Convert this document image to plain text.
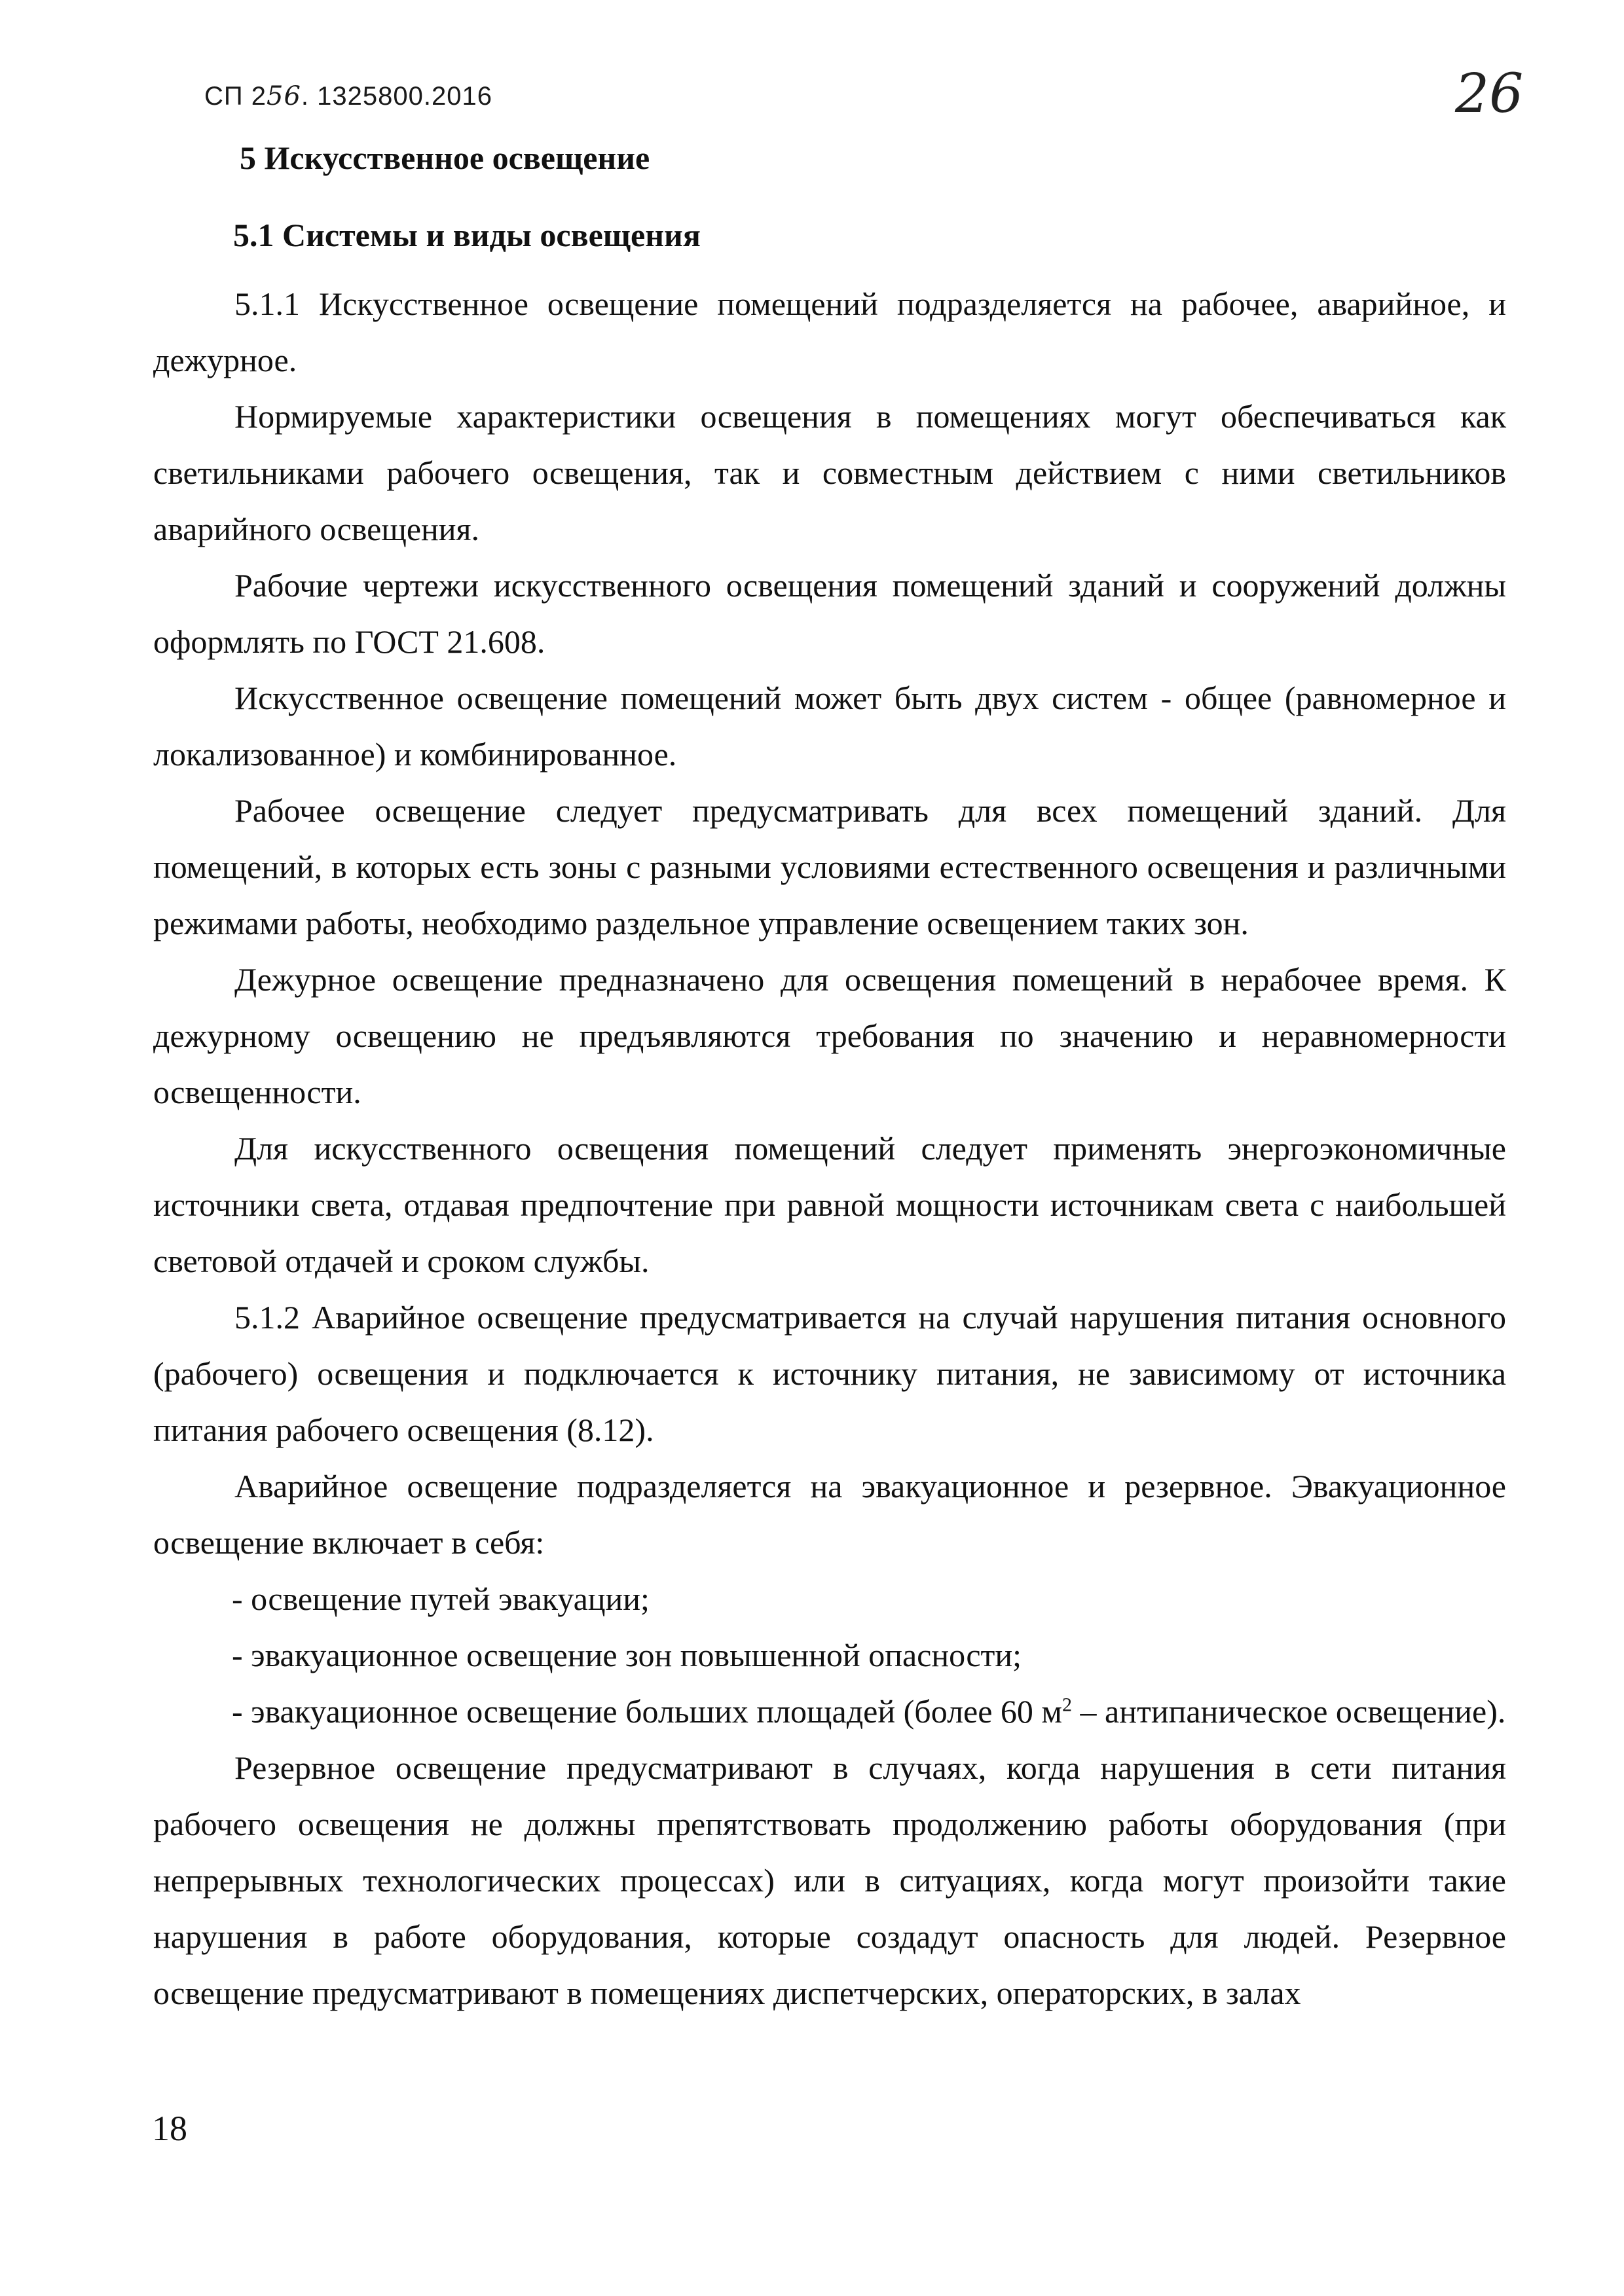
СП 256. 1325800.2016	26
5 Искусственное освещение
5.1 Системы и виды освещения

5.1.1 Искусственное освещение помещений подразделяется на рабочее, аварийное, и дежурное.

Нормируемые характеристики освещения в помещениях могут обеспечиваться как светильниками рабочего освещения, так и совместным действием с ними светильников аварийного освещения.

Рабочие чертежи искусственного освещения помещений зданий и сооружений должны оформлять по ГОСТ 21.608.

Искусственное освещение помещений может быть двух систем - общее (равномерное и локализованное) и комбинированное.

Рабочее освещение следует предусматривать для всех помещений зданий. Для помещений, в которых есть зоны с разными условиями естественного освещения и различными режимами работы, необходимо раздельное управление освещением таких зон.

Дежурное освещение предназначено для освещения помещений в нерабочее время. К дежурному освещению не предъявляются требования по значению и неравномерности освещенности.

Для искусственного освещения помещений следует применять энергоэкономичные источники света, отдавая предпочтение при равной мощности источникам света с наибольшей световой отдачей и сроком службы.

5.1.2 Аварийное освещение предусматривается на случай нарушения питания основного (рабочего) освещения и подключается к источнику питания, не зависимому от источника питания рабочего освещения (8.12).

Аварийное освещение подразделяется на эвакуационное и резервное. Эвакуационное освещение включает в себя:

- освещение путей эвакуации;

- эвакуационное освещение зон повышенной опасности;

- эвакуационное освещение больших площадей (более 60 $м^2$ – антипаническое освещение).

Резервное освещение предусматривают в случаях, когда нарушения в сети питания рабочего освещения не должны препятствовать продолжению работы оборудования (при непрерывных технологических процессах) или в ситуациях, когда могут произойти такие нарушения в работе оборудования, которые создадут опасность для людей. Резервное освещение предусматривают в помещениях диспетчерских, операторских, в залах

18
